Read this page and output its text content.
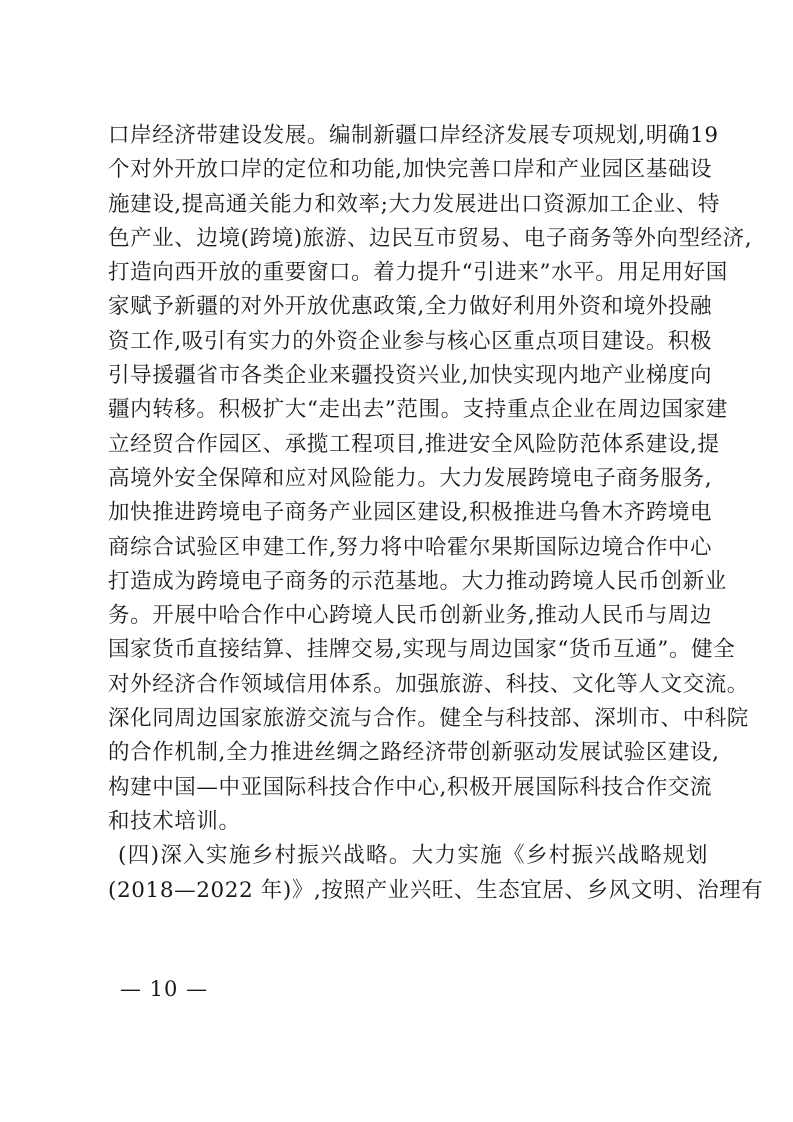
口岸经济带建设发展。编制新疆口岸经济发展专项规划,明确19
个对外开放口岸的定位和功能,加快完善口岸和产业园区基础设
施建设,提高通关能力和效率;大力发展进出口资源加工企业、特
色产业、边境(跨境)旅游、边民互市贸易、电子商务等外向型经济,
打造向西开放的重要窗口。着力提升“引进来”水平。用足用好国
家赋予新疆的对外开放优惠政策,全力做好利用外资和境外投融
资工作,吸引有实力的外资企业参与核心区重点项目建设。积极
引导援疆省市各类企业来疆投资兴业,加快实现内地产业梯度向
疆内转移。积极扩大“走出去”范围。支持重点企业在周边国家建
立经贸合作园区、承揽工程项目,推进安全风险防范体系建设,提
高境外安全保障和应对风险能力。大力发展跨境电子商务服务,
加快推进跨境电子商务产业园区建设,积极推进乌鲁木齐跨境电
商综合试验区申建工作,努力将中哈霍尔果斯国际边境合作中心
打造成为跨境电子商务的示范基地。大力推动跨境人民币创新业
务。开展中哈合作中心跨境人民币创新业务,推动人民币与周边
国家货币直接结算、挂牌交易,实现与周边国家“货币互通”。健全
对外经济合作领域信用体系。加强旅游、科技、文化等人文交流。
深化同周边国家旅游交流与合作。健全与科技部、深圳市、中科院
的合作机制,全力推进丝绸之路经济带创新驱动发展试验区建设,
构建中国—中亚国际科技合作中心,积极开展国际科技合作交流
和技术培训。
(四)深入实施乡村振兴战略。大力实施《乡村振兴战略规划
(2018—2022 年)》,按照产业兴旺、生态宜居、乡风文明、治理有
— 10 —
